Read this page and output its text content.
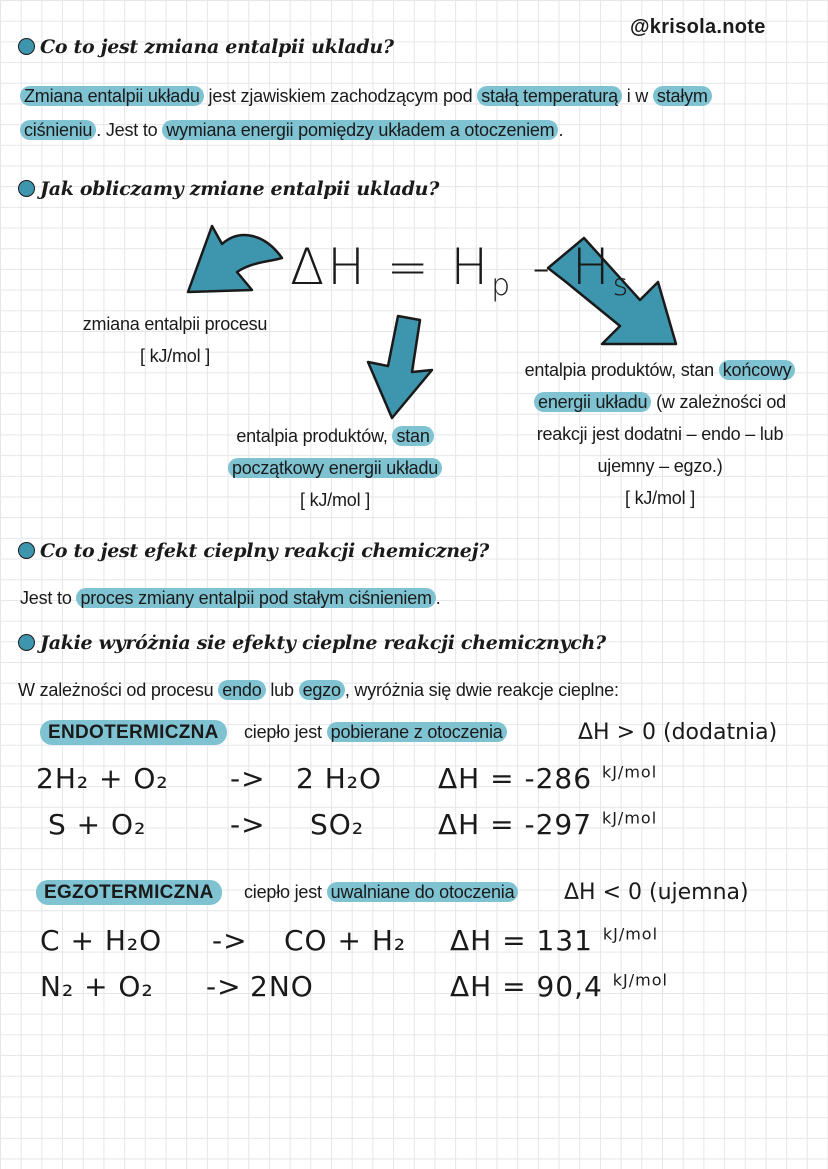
@krisola.note
Co to jest zmiana entalpii ukladu?
Zmiana entalpii układu jest zjawiskiem zachodzącym pod stałą temperaturą i w stałym
ciśnieniu . Jest to wymiana energii pomiędzy układem a otoczeniem .
Jak obliczamy zmiane entalpii ukladu?
$\Delta H = H_p - H_s$
zmiana entalpii procesu
[ kJ/mol ]
entalpia produktów, stan
początkowy energii układu
[ kJ/mol ]
entalpia produktów, stan końcowy
energii układu (w zależności od
reakcji jest dodatni – endo – lub
ujemny – egzo.)
[ kJ/mol ]
Co to jest efekt cieplny reakcji chemicznej?
Jest to proces zmiany entalpii pod stałym ciśnieniem .
Jakie wyróżnia sie efekty cieplne reakcji chemicznych?
W zależności od procesu endo lub egzo , wyróżnia się dwie reakcje cieplne:
ENDOTERMICZNA	ciepło jest pobierane z otoczenia	ΔH > 0 (dodatnia)
2H₂ + O₂ -> 2 H₂O ΔH = -286 $^{kJ/mol}$
S + O₂	-> SO₂	ΔH = -297 $^{kJ/mol}$
EGZOTERMICZNA	ciepło jest uwalniane do otoczenia ΔH < 0 (ujemna)
C + H₂O -> CO + H₂ ΔH = 131 $^{kJ/mol}$
N₂ + O₂ -> 2NO	ΔH = 90,4 $^{kJ/mol}$
